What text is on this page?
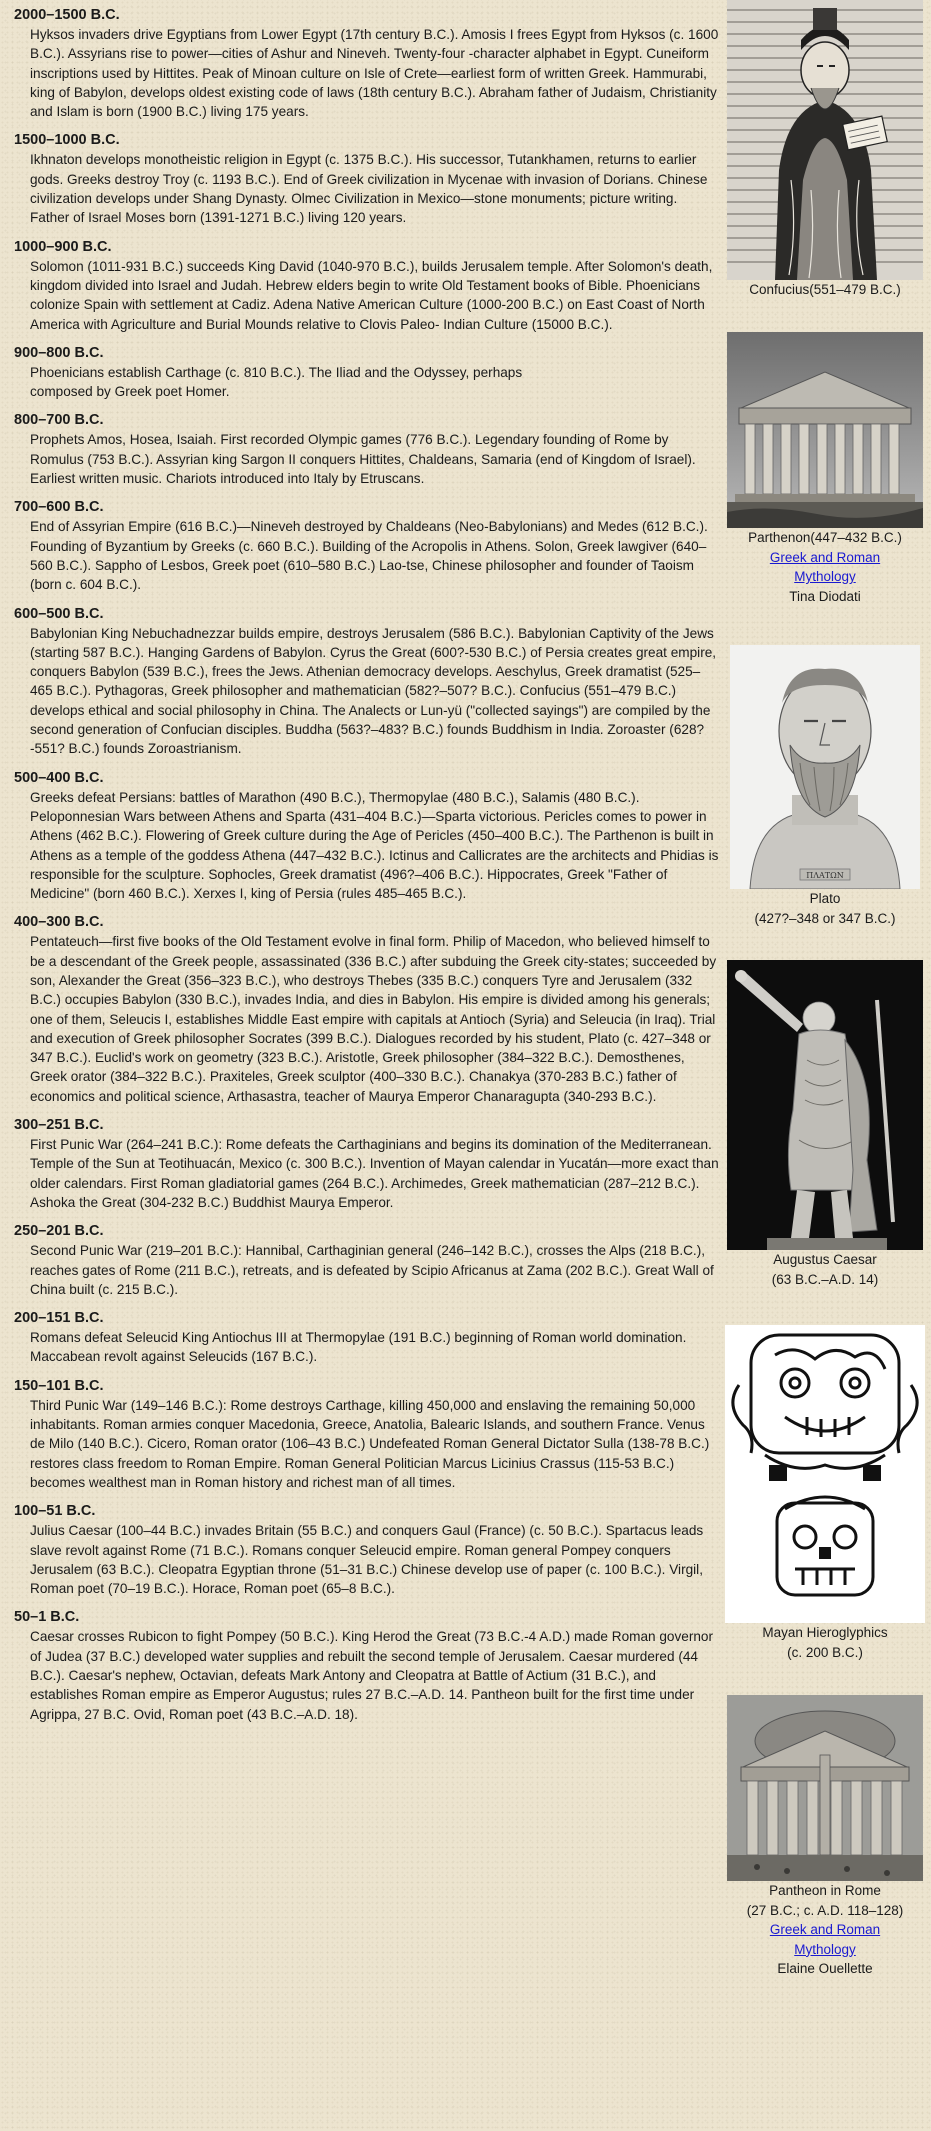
2000–1500 B.C.

Hyksos invaders drive Egyptians from Lower Egypt (17th century B.C.). Amosis I frees Egypt from Hyksos (c. 1600 B.C.). Assyrians rise to power—cities of Ashur and Nineveh. Twenty-four -character alphabet in Egypt. Cuneiform inscriptions used by Hittites. Peak of Minoan culture on Isle of Crete—earliest form of written Greek. Hammurabi, king of Babylon, develops oldest existing code of laws (18th century B.C.). Abraham father of Judaism, Christianity and Islam is born (1900 B.C.) living 175 years.

1500–1000 B.C.

Ikhnaton develops monotheistic religion in Egypt (c. 1375 B.C.). His successor, Tutankhamen, returns to earlier gods. Greeks destroy Troy (c. 1193 B.C.). End of Greek civilization in Mycenae with invasion of Dorians. Chinese civilization develops under Shang Dynasty. Olmec Civilization in Mexico—stone monuments; picture writing. Father of Israel Moses born (1391-1271 B.C.) living 120 years.

1000–900 B.C.

Solomon (1011-931 B.C.) succeeds King David (1040-970 B.C.), builds Jerusalem temple. After Solomon's death, kingdom divided into Israel and Judah. Hebrew elders begin to write Old Testament books of Bible. Phoenicians colonize Spain with settlement at Cadiz. Adena Native American Culture (1000-200 B.C.) on East Coast of North America with Agriculture and Burial Mounds relative to Clovis Paleo- Indian Culture (15000 B.C.).

900–800 B.C.

Phoenicians establish Carthage (c. 810 B.C.). The Iliad and the Odyssey, perhaps composed by Greek poet Homer.

800–700 B.C.

Prophets Amos, Hosea, Isaiah. First recorded Olympic games (776 B.C.). Legendary founding of Rome by Romulus (753 B.C.). Assyrian king Sargon II conquers Hittites, Chaldeans, Samaria (end of Kingdom of Israel). Earliest written music. Chariots introduced into Italy by Etruscans.

700–600 B.C.

End of Assyrian Empire (616 B.C.)—Nineveh destroyed by Chaldeans (Neo-Babylonians) and Medes (612 B.C.). Founding of Byzantium by Greeks (c. 660 B.C.). Building of the Acropolis in Athens. Solon, Greek lawgiver (640–560 B.C.). Sappho of Lesbos, Greek poet (610–580 B.C.) Lao-tse, Chinese philosopher and founder of Taoism (born c. 604 B.C.).

600–500 B.C.

Babylonian King Nebuchadnezzar builds empire, destroys Jerusalem (586 B.C.). Babylonian Captivity of the Jews (starting 587 B.C.). Hanging Gardens of Babylon. Cyrus the Great (600?-530 B.C.) of Persia creates great empire, conquers Babylon (539 B.C.), frees the Jews. Athenian democracy develops. Aeschylus, Greek dramatist (525–465 B.C.). Pythagoras, Greek philosopher and mathematician (582?–507? B.C.). Confucius (551–479 B.C.) develops ethical and social philosophy in China. The Analects or Lun-yü ("collected sayings") are compiled by the second generation of Confucian disciples. Buddha (563?–483? B.C.) founds Buddhism in India. Zoroaster (628?-551? B.C.) founds Zoroastrianism.

500–400 B.C.

Greeks defeat Persians: battles of Marathon (490 B.C.), Thermopylae (480 B.C.), Salamis (480 B.C.). Peloponnesian Wars between Athens and Sparta (431–404 B.C.)—Sparta victorious. Pericles comes to power in Athens (462 B.C.). Flowering of Greek culture during the Age of Pericles (450–400 B.C.). The Parthenon is built in Athens as a temple of the goddess Athena (447–432 B.C.). Ictinus and Callicrates are the architects and Phidias is responsible for the sculpture. Sophocles, Greek dramatist (496?–406 B.C.). Hippocrates, Greek "Father of Medicine" (born 460 B.C.). Xerxes I, king of Persia (rules 485–465 B.C.).

400–300 B.C.

Pentateuch—first five books of the Old Testament evolve in final form. Philip of Macedon, who believed himself to be a descendant of the Greek people, assassinated (336 B.C.) after subduing the Greek city-states; succeeded by son, Alexander the Great (356–323 B.C.), who destroys Thebes (335 B.C.) conquers Tyre and Jerusalem (332 B.C.) occupies Babylon (330 B.C.), invades India, and dies in Babylon. His empire is divided among his generals; one of them, Seleucis I, establishes Middle East empire with capitals at Antioch (Syria) and Seleucia (in Iraq). Trial and execution of Greek philosopher Socrates (399 B.C.). Dialogues recorded by his student, Plato (c. 427–348 or 347 B.C.). Euclid's work on geometry (323 B.C.). Aristotle, Greek philosopher (384–322 B.C.). Demosthenes, Greek orator (384–322 B.C.). Praxiteles, Greek sculptor (400–330 B.C.). Chanakya (370-283 B.C.) father of economics and political science, Arthasastra, teacher of Maurya Emperor Chanaragupta (340-293 B.C.).

300–251 B.C.

First Punic War (264–241 B.C.): Rome defeats the Carthaginians and begins its domination of the Mediterranean. Temple of the Sun at Teotihuacán, Mexico (c. 300 B.C.). Invention of Mayan calendar in Yucatán—more exact than older calendars. First Roman gladiatorial games (264 B.C.). Archimedes, Greek mathematician (287–212 B.C.). Ashoka the Great (304-232 B.C.) Buddhist Maurya Emperor.

250–201 B.C.

Second Punic War (219–201 B.C.): Hannibal, Carthaginian general (246–142 B.C.), crosses the Alps (218 B.C.), reaches gates of Rome (211 B.C.), retreats, and is defeated by Scipio Africanus at Zama (202 B.C.). Great Wall of China built (c. 215 B.C.).

200–151 B.C.

Romans defeat Seleucid King Antiochus III at Thermopylae (191 B.C.) beginning of Roman world domination. Maccabean revolt against Seleucids (167 B.C.).

150–101 B.C.

Third Punic War (149–146 B.C.): Rome destroys Carthage, killing 450,000 and enslaving the remaining 50,000 inhabitants. Roman armies conquer Macedonia, Greece, Anatolia, Balearic Islands, and southern France. Venus de Milo (140 B.C.). Cicero, Roman orator (106–43 B.C.) Undefeated Roman General Dictator Sulla (138-78 B.C.) restores class freedom to Roman Empire. Roman General Politician Marcus Licinius Crassus (115-53 B.C.) becomes wealthest man in Roman history and richest man of all times.

100–51 B.C.

Julius Caesar (100–44 B.C.) invades Britain (55 B.C.) and conquers Gaul (France) (c. 50 B.C.). Spartacus leads slave revolt against Rome (71 B.C.). Romans conquer Seleucid empire. Roman general Pompey conquers Jerusalem (63 B.C.). Cleopatra Egyptian throne (51–31 B.C.) Chinese develop use of paper (c. 100 B.C.). Virgil, Roman poet (70–19 B.C.). Horace, Roman poet (65–8 B.C.).

50–1 B.C.

Caesar crosses Rubicon to fight Pompey (50 B.C.). King Herod the Great (73 B.C.-4 A.D.) made Roman governor of Judea (37 B.C.) developed water supplies and rebuilt the second temple of Jerusalem. Caesar murdered (44 B.C.). Caesar's nephew, Octavian, defeats Mark Antony and Cleopatra at Battle of Actium (31 B.C.), and establishes Roman empire as Emperor Augustus; rules 27 B.C.–A.D. 14. Pantheon built for the first time under Agrippa, 27 B.C. Ovid, Roman poet (43 B.C.–A.D. 18).

Confucius(551–479 B.C.)
Parthenon(447–432 B.C.)
Greek and Roman Mythology
Tina Diodati
ΠΛΑΤΩΝ
Plato
(427?–348 or 347 B.C.)
Augustus Caesar
(63 B.C.–A.D. 14)
Mayan Hieroglyphics
(c. 200 B.C.)
Pantheon in Rome
(27 B.C.; c. A.D. 118–128)
Greek and Roman Mythology
Elaine Ouellette
